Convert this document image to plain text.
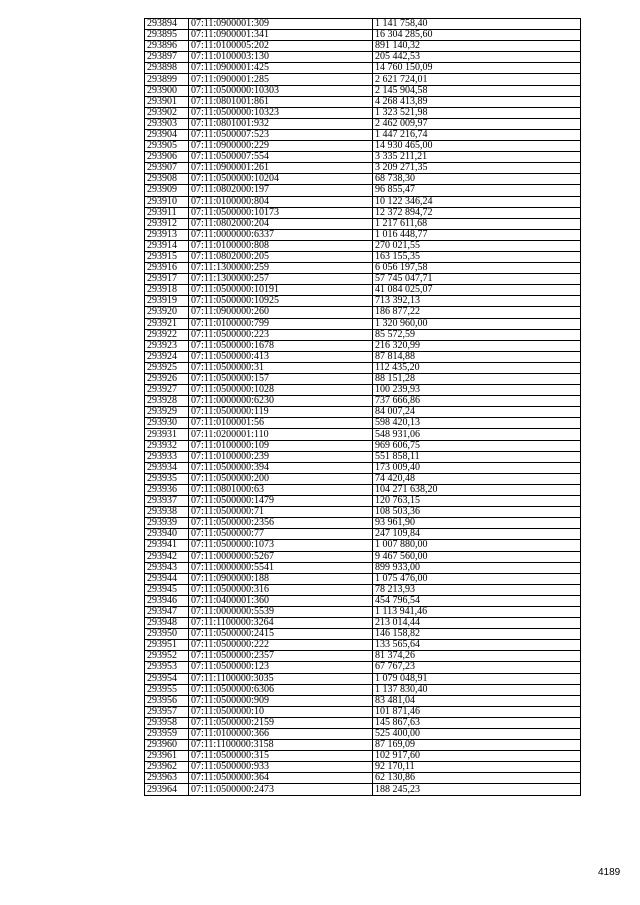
293894	07:11:0900001:309	1 141 758,40
293895	07:11:0900001:341	16 304 285,60
293896	07:11:0100005:202	891 140,32
293897	07:11:0100003:130	205 442,53
293898	07:11:0900001:425	14 760 150,09
293899	07:11:0900001:285	2 621 724,01
293900	07:11:0500000:10303	2 145 904,58
293901	07:11:0801001:861	4 268 413,89
293902	07:11:0500000:10323	1 323 521,98
293903	07:11:0801001:932	2 462 009,97
293904	07:11:0500007:523	1 447 216,74
293905	07:11:0900000:229	14 930 465,00
293906	07:11:0500007:554	3 335 211,21
293907	07:11:0900001:261	3 209 271,35
293908	07:11:0500000:10204	68 738,30
293909	07:11:0802000:197	96 855,47
293910	07:11:0100000:804	10 122 346,24
293911	07:11:0500000:10173	12 372 894,72
293912	07:11:0802000:204	1 217 611,68
293913	07:11:0000000:6337	1 016 448,77
293914	07:11:0100000:808	270 021,55
293915	07:11:0802000:205	163 155,35
293916	07:11:1300000:259	6 056 197,58
293917	07:11:1300000:257	57 745 047,71
293918	07:11:0500000:10191	41 084 025,07
293919	07:11:0500000:10925	713 392,13
293920	07:11:0900000:260	186 877,22
293921	07:11:0100000:799	1 320 960,00
293922	07:11:0500000:223	85 572,59
293923	07:11:0500000:1678	216 320,99
293924	07:11:0500000:413	87 814,88
293925	07:11:0500000:31	112 435,20
293926	07:11:0500000:157	88 151,28
293927	07:11:0500000:1028	100 239,93
293928	07:11:0000000:6230	737 666,86
293929	07:11:0500000:119	84 007,24
293930	07:11:0100001:56	598 420,13
293931	07:11:0200001:110	548 931,06
293932	07:11:0100000:109	969 606,75
293933	07:11:0100000:239	551 858,11
293934	07:11:0500000:394	173 009,40
293935	07:11:0500000:200	74 420,48
293936	07:11:0801000:63	104 271 638,20
293937	07:11:0500000:1479	120 763,15
293938	07:11:0500000:71	108 503,36
293939	07:11:0500000:2356	93 961,90
293940	07:11:0500000:77	247 109,84
293941	07:11:0500000:1073	1 007 880,00
293942	07:11:0000000:5267	9 467 560,00
293943	07:11:0000000:5541	899 933,00
293944	07:11:0900000:188	1 075 476,00
293945	07:11:0500000:316	78 213,93
293946	07:11:0400001:360	454 796,54
293947	07:11:0000000:5539	1 113 941,46
293948	07:11:1100000:3264	213 014,44
293950	07:11:0500000:2415	146 158,82
293951	07:11:0500000:222	133 565,64
293952	07:11:0500000:2357	81 374,26
293953	07:11:0500000:123	67 767,23
293954	07:11:1100000:3035	1 079 048,91
293955	07:11:0500000:6306	1 137 830,40
293956	07:11:0500000:909	83 481,04
293957	07:11:0500000:10	101 871,46
293958	07:11:0500000:2159	145 867,63
293959	07:11:0100000:366	525 400,00
293960	07:11:1100000:3158	87 169,09
293961	07:11:0500000:315	102 917,60
293962	07:11:0500000:933	92 170,11
293963	07:11:0500000:364	62 130,86
293964	07:11:0500000:2473	188 245,23
4189
